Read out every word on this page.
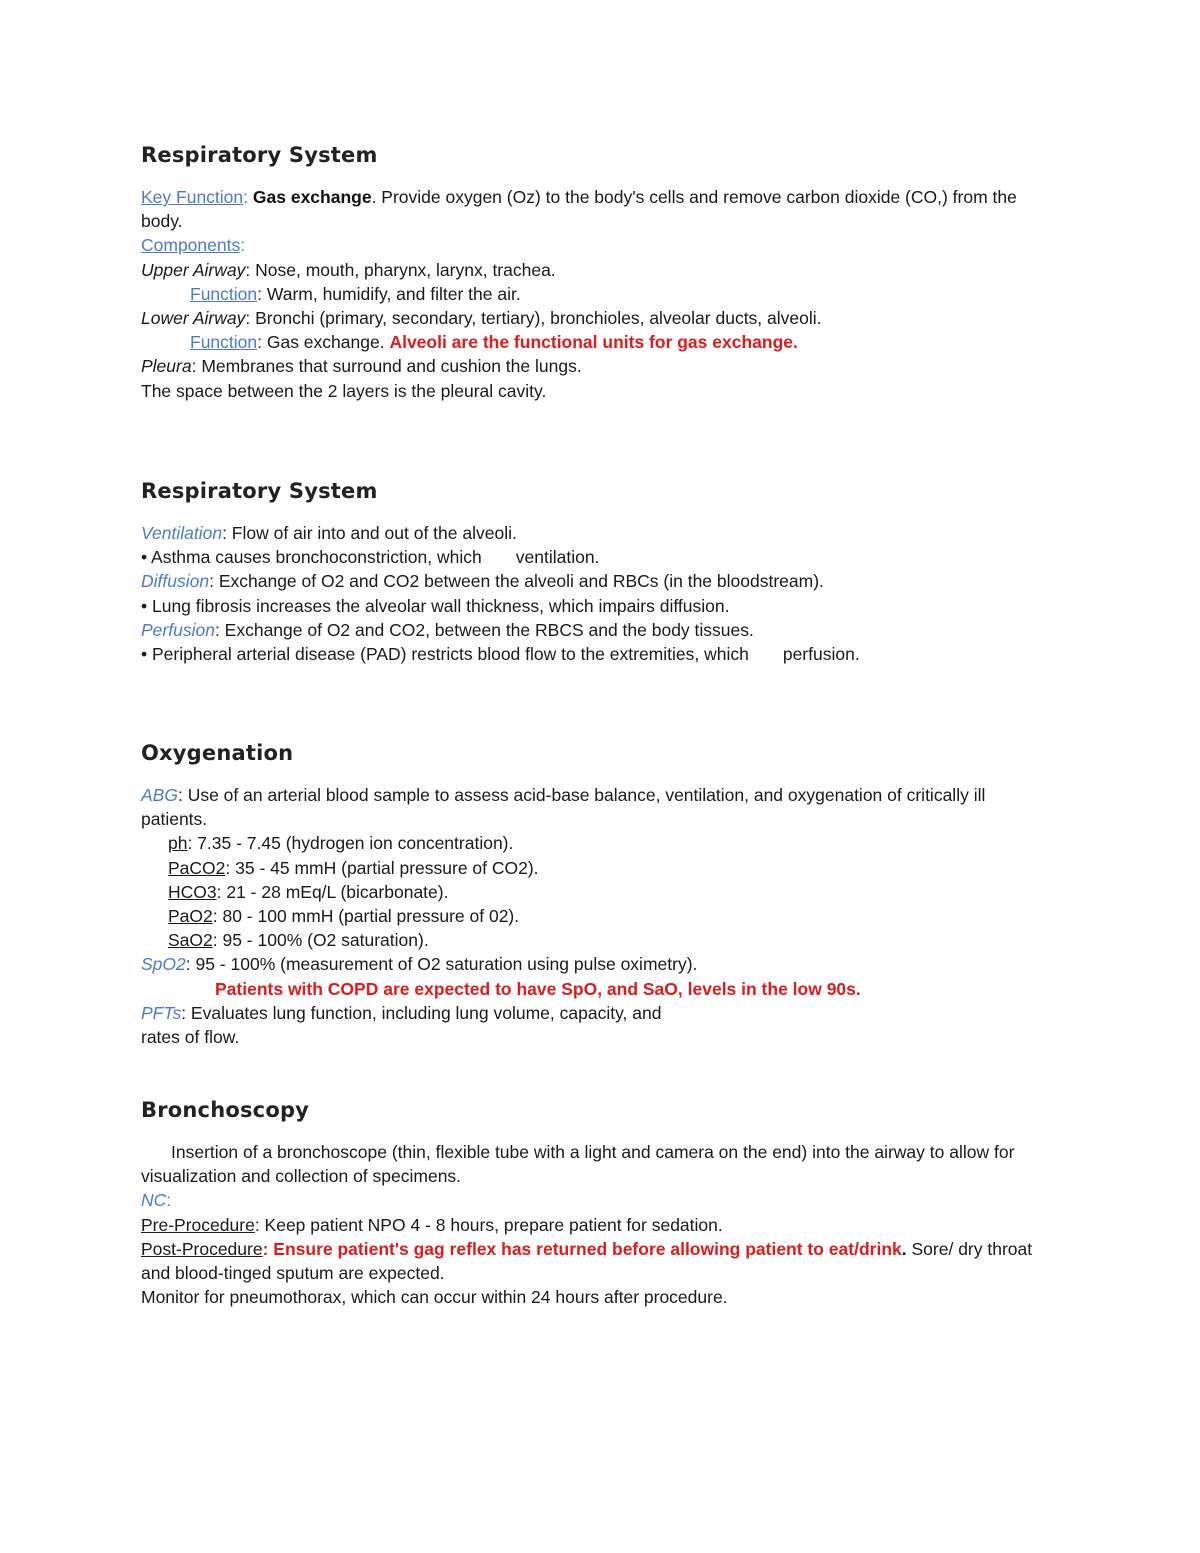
Respiratory System
Key Function: Gas exchange. Provide oxygen (Oz) to the body's cells and remove carbon dioxide (CO,) from the body.
Components:
Upper Airway: Nose, mouth, pharynx, larynx, trachea.
Function: Warm, humidify, and filter the air.
Lower Airway: Bronchi (primary, secondary, tertiary), bronchioles, alveolar ducts, alveoli.
Function: Gas exchange. Alveoli are the functional units for gas exchange.
Pleura: Membranes that surround and cushion the lungs.
The space between the 2 layers is the pleural cavity.
Respiratory System
Ventilation: Flow of air into and out of the alveoli.
• Asthma causes bronchoconstriction, which ventilation.
Diffusion: Exchange of O2 and CO2 between the alveoli and RBCs (in the bloodstream).
• Lung fibrosis increases the alveolar wall thickness, which impairs diffusion.
Perfusion: Exchange of O2 and CO2, between the RBCS and the body tissues.
• Peripheral arterial disease (PAD) restricts blood flow to the extremities, which perfusion.
Oxygenation
ABG: Use of an arterial blood sample to assess acid-base balance, ventilation, and oxygenation of critically ill patients.
ph: 7.35 - 7.45 (hydrogen ion concentration).
PaCO2: 35 - 45 mmH (partial pressure of CO2).
HCO3: 21 - 28 mEq/L (bicarbonate).
PaO2: 80 - 100 mmH (partial pressure of 02).
SaO2: 95 - 100% (O2 saturation).
SpO2: 95 - 100% (measurement of O2 saturation using pulse oximetry).
Patients with COPD are expected to have SpO, and SaO, levels in the low 90s.
PFTs: Evaluates lung function, including lung volume, capacity, and
rates of flow.
Bronchoscopy
Insertion of a bronchoscope (thin, flexible tube with a light and camera on the end) into the airway to allow for visualization and collection of specimens.
NC:
Pre-Procedure: Keep patient NPO 4 - 8 hours, prepare patient for sedation.
Post-Procedure: Ensure patient's gag reflex has returned before allowing patient to eat/drink. Sore/ dry throat and blood-tinged sputum are expected.
Monitor for pneumothorax, which can occur within 24 hours after procedure.
